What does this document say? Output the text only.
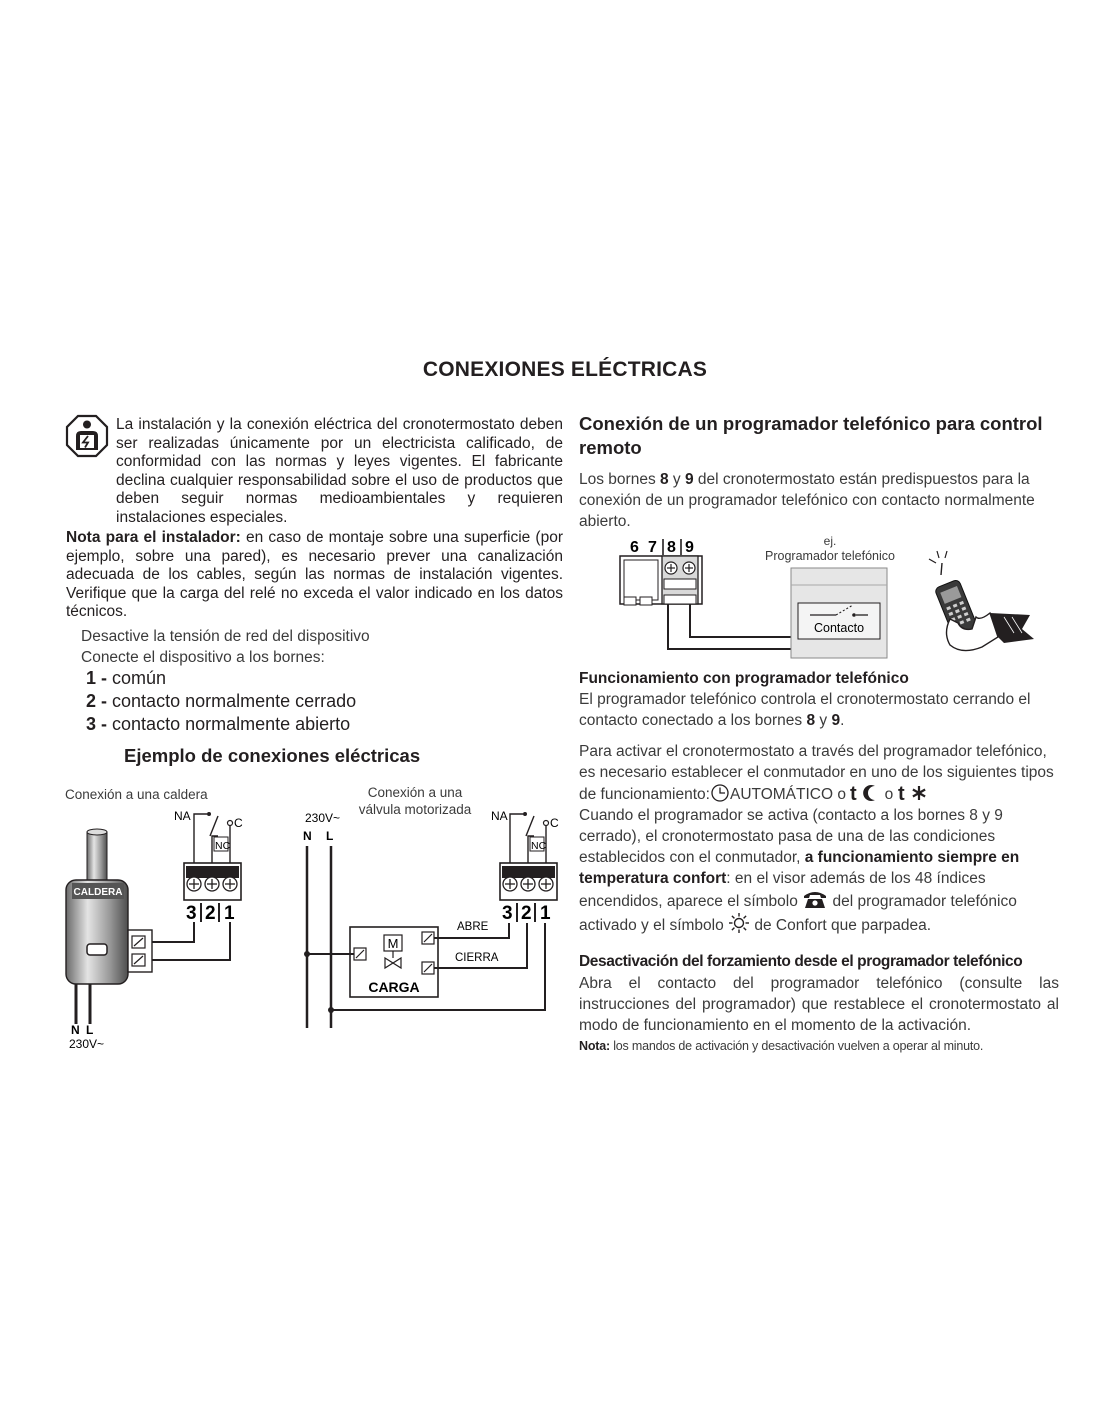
CONEXIONES ELÉCTRICAS
La instalación y la conexión eléctrica del cronotermostato deben ser realizadas únicamente por un electricista calificado, de conformidad con las normas y leyes vigentes. El fabricante declina cualquier responsabilidad sobre el uso de productos que deben seguir normas medioambientales y requieren instalaciones especiales.
Nota para el instalador: en caso de montaje sobre una superficie (por ejemplo, sobre una pared), es necesario prever una canalización adecuada de los cables, según las normas de instalación vigentes. Verifique que la carga del relé no exceda el valor indicado en los datos técnicos.
Desactive la tensión de red del dispositivo
Conecte el dispositivo a los bornes:
1 - común
2 - contacto normalmente cerrado
3 - contacto normalmente abierto
Ejemplo de conexiones eléctricas
Conexión a una caldera	Conexión a una
válvula motorizada
CALDERA
N L
230V~
3 2 1
NA	C
NC
230V~
N L
M
CARGA
ABRE
CIERRA
3 2 1
NA	C
NC
Conexión de un programador telefónico para control remoto
Los bornes 8 y 9 del cronotermostato están predispuestos para la conexión de un programador telefónico con contacto normalmente abierto.
6 7 8 9	ej.
Programador telefónico
Contacto
Funcionamiento con programador telefónico
El programador telefónico controla el cronotermostato cerrando el contacto conectado a los bornes 8 y 9.
Para activar el cronotermostato a través del programador telefónico, es necesario establecer el conmutador en uno de los siguientes tipos de funcionamiento: AUTOMÁTICO o t o t

Cuando el programador se activa (contacto a los bornes 8 y 9 cerrado), el cronotermostato pasa de una de las condiciones establecidos con el conmutador, a funcionamiento siempre en temperatura confort: en el visor además de los 48 índices encendidos, aparece el símbolo  del programador telefónico activado y el símbolo  de Confort que parpadea.
Desactivación del forzamiento desde el programador telefónico
Abra el contacto del programador telefónico (consulte las instrucciones del programador) que restablece el cronotermostato al modo de funcionamiento en el momento de la activación.
Nota: los mandos de activación y desactivación vuelven a operar al minuto.
